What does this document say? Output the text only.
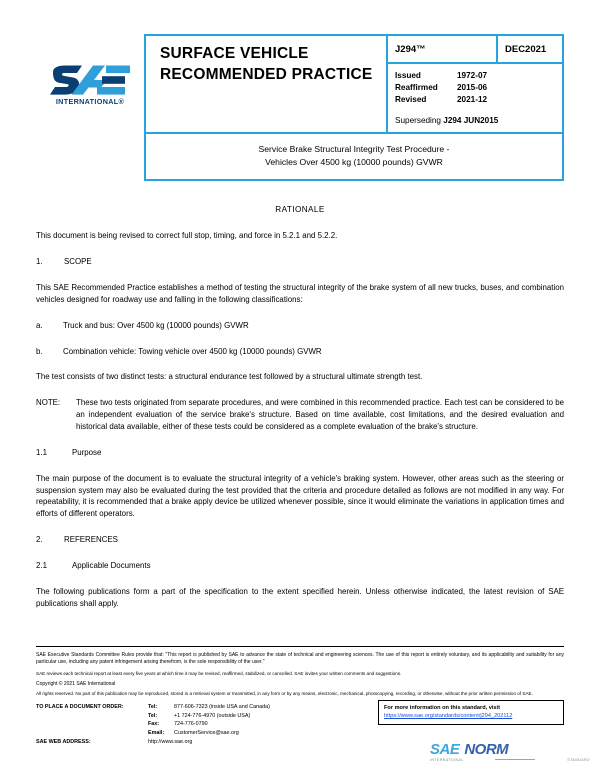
INTERNATIONAL®
SURFACE VEHICLE
RECOMMENDED PRACTICE
J294™	DEC2021
Issued	1972-07
Reaffirmed	2015-06
Revised	2021-12
Superseding J294 JUN2015
Service Brake Structural Integrity Test Procedure -
Vehicles Over 4500 kg (10000 pounds) GVWR
RATIONALE
This document is being revised to correct full stop, timing, and force in 5.2.1 and 5.2.2.
1.	SCOPE
This SAE Recommended Practice establishes a method of testing the structural integrity of the brake system of all new trucks, buses, and combination vehicles designed for roadway use and falling in the following classifications:
a.	Truck and bus: Over 4500 kg (10000 pounds) GVWR
b.	Combination vehicle: Towing vehicle over 4500 kg (10000 pounds) GVWR
The test consists of two distinct tests: a structural endurance test followed by a structural ultimate strength test.
NOTE:	These two tests originated from separate procedures, and were combined in this recommended practice. Each test can be considered to be an independent evaluation of the service brake's structure. Based on time available, cost limitations, and the desired evaluation and historical data available, either of these tests could be considered as a complete evaluation of the brake's structure.
1.1	Purpose
The main purpose of the document is to evaluate the structural integrity of a vehicle's braking system. However, other areas such as the steering or suspension system may also be evaluated during the test provided that the criteria and procedure detailed as follows are not modified in any way. For repeatability, it is recommended that a brake apply device be utilized whenever possible, since it would eliminate the variations in application times and efforts of different operators.
2.	REFERENCES
2.1	Applicable Documents
The following publications form a part of the specification to the extent specified herein. Unless otherwise indicated, the latest revision of SAE publications shall apply.
SAE Executive Standards Committee Rules provide that: "This report is published by SAE to advance the state of technical and engineering sciences. The use of this report is entirely voluntary, and its applicability and suitability for any particular use, including any patent infringement arising therefrom, is the sole responsibility of the user."
SAE reviews each technical report at least every five years at which time it may be revised, reaffirmed, stabilized, or cancelled. SAE invites your written comments and suggestions.
Copyright © 2021 SAE International
All rights reserved. No part of this publication may be reproduced, stored in a retrieval system or transmitted, in any form or by any means, electronic, mechanical, photocopying, recording, or otherwise, without the prior written permission of SAE.
TO PLACE A DOCUMENT ORDER:	Tel:	877-606-7323 (inside USA and Canada)
Tel:	+1 724-776-4970 (outside USA)
Fax:	724-776-0790
Email:	CustomerService@sae.org
SAE WEB ADDRESS:	http://www.sae.org
For more information on this standard, visit
https://www.sae.org/standards/content/j294_202112
SAE NORM
INTERNATIONAL	STANDARD
